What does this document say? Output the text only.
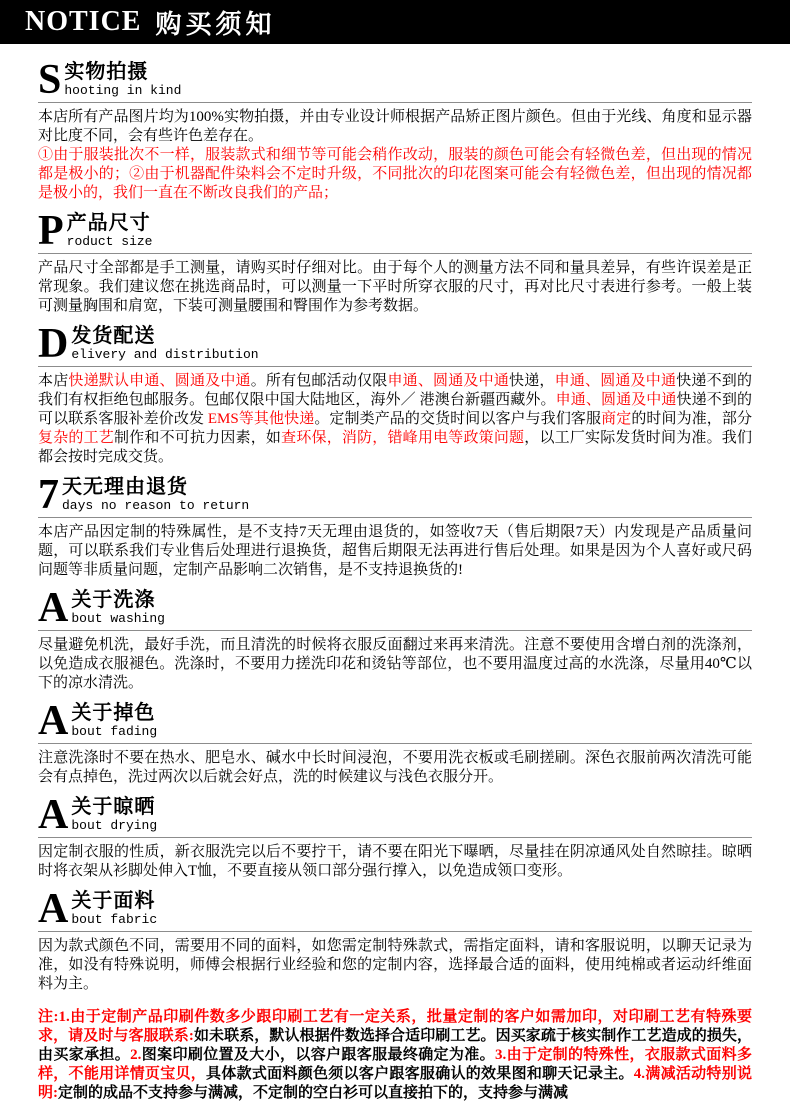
NOTICE 购买须知
S 实物拍摄
hooting in kind

本店所有产品图片均为100%实物拍摄，并由专业设计师根据产品矫正图片颜色。但由于光线、角度和显示器对比度不同，会有些许色差存在。

①由于服装批次不一样，服装款式和细节等可能会稍作改动，服装的颜色可能会有轻微色差，但出现的情况都是极小的；②由于机器配件染料会不定时升级，不同批次的印花图案可能会有轻微色差，但出现的情况都是极小的，我们一直在不断改良我们的产品；

P 产品尺寸
roduct size

产品尺寸全部都是手工测量，请购买时仔细对比。由于每个人的测量方法不同和量具差异，有些许误差是正常现象。我们建议您在挑选商品时，可以测量一下平时所穿衣服的尺寸，再对比尺寸表进行参考。一般上装可测量胸围和肩宽，下装可测量腰围和臀围作为参考数据。

D 发货配送
elivery and distribution

本店快递默认申通、圆通及中通。所有包邮活动仅限申通、圆通及中通快递，申通、圆通及中通快递不到的我们有权拒绝包邮服务。包邮仅限中国大陆地区，海外／ 港澳台新疆西藏外。申通、圆通及中通快递不到的可以联系客服补差价改发 EMS等其他快递。定制类产品的交货时间以客户与我们客服商定的时间为准，部分复杂的工艺制作和不可抗力因素，如查环保，消防，错峰用电等政策问题，以工厂实际发货时间为准。我们都会按时完成交货。

7 天无理由退货
days no reason to return

本店产品因定制的特殊属性，是不支持7天无理由退货的，如签收7天（售后期限7天）内发现是产品质量问题，可以联系我们专业售后处理进行退换货，超售后期限无法再进行售后处理。如果是因为个人喜好或尺码问题等非质量问题，定制产品影响二次销售，是不支持退换货的!

A 关于洗涤
bout washing

尽量避免机洗，最好手洗，而且清洗的时候将衣服反面翻过来再来清洗。注意不要使用含增白剂的洗涤剂，以免造成衣服褪色。洗涤时，不要用力搓洗印花和烫钻等部位，也不要用温度过高的水洗涤，尽量用40℃以下的凉水清洗。

A 关于掉色
bout fading

注意洗涤时不要在热水、肥皂水、碱水中长时间浸泡，不要用洗衣板或毛刷搓刷。深色衣服前两次清洗可能会有点掉色，洗过两次以后就会好点，洗的时候建议与浅色衣服分开。

A 关于晾晒
bout drying

因定制衣服的性质，新衣服洗完以后不要拧干，请不要在阳光下曝晒，尽量挂在阴凉通风处自然晾挂。晾晒时将衣架从衫脚处伸入T恤，不要直接从领口部分强行撑入，以免造成领口变形。

A 关于面料
bout fabric

因为款式颜色不同，需要用不同的面料，如您需定制特殊款式，需指定面料，请和客服说明，以聊天记录为准，如没有特殊说明，师傅会根据行业经验和您的定制内容，选择最合适的面料，使用纯棉或者运动纤维面料为主。

注:1.由于定制产品印刷件数多少跟印刷工艺有一定关系，批量定制的客户如需加印，对印刷工艺有特殊要求，请及时与客服联系:如未联系，默认根据件数选择合适印刷工艺。因买家疏于核实制作工艺造成的损失，由买家承担。2.图案印刷位置及大小，以容户跟客服最终确定为准。3.由于定制的特殊性，衣服款式面料多样，不能用详情页宝贝，具体款式面料颜色须以客户跟客服确认的效果图和聊天记录主。4.满减活动特别说明:定制的成品不支持参与满减，不定制的空白衫可以直接拍下的，支持参与满减
